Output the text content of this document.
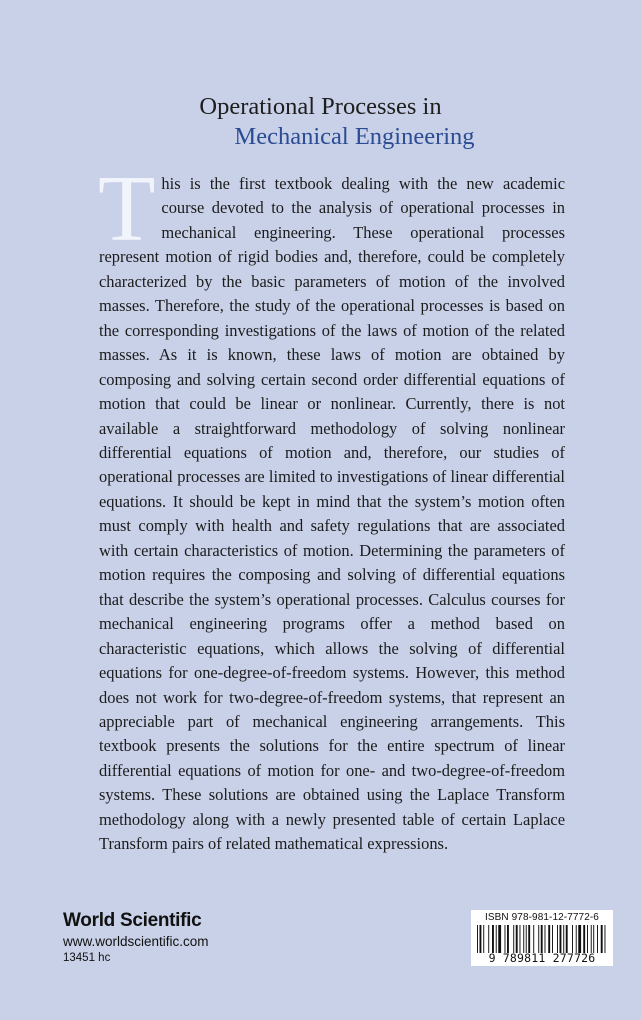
Operational Processes in
Mechanical Engineering

This is the first textbook dealing with the new academic course devoted to the analysis of operational processes in mechanical engineering. These operational processes represent motion of rigid bodies and, therefore, could be completely characterized by the basic parameters of motion of the involved masses. Therefore, the study of the operational processes is based on the corresponding investigations of the laws of motion of the related masses. As it is known, these laws of motion are obtained by composing and solving certain second order differential equations of motion that could be linear or nonlinear. Currently, there is not available a straightforward methodology of solving nonlinear differential equations of motion and, therefore, our studies of operational processes are limited to investigations of linear differential equations. It should be kept in mind that the system’s motion often must comply with health and safety regulations that are associated with certain characteristics of motion. Determining the parameters of motion requires the composing and solving of differential equations that describe the system’s operational processes. Calculus courses for mechanical engineering programs offer a method based on characteristic equations, which allows the solving of differential equations for one-degree-of-freedom systems. However, this method does not work for two-degree-of-freedom systems, that represent an appreciable part of mechanical engineering arrangements. This textbook presents the solutions for the entire spectrum of linear differential equations of motion for one- and two-degree-of-freedom systems. These solutions are obtained using the Laplace Transform methodology along with a newly presented table of certain Laplace Transform pairs of related mathematical expressions.

World Scientific
www.worldscientific.com
13451 hc
ISBN 978-981-12-7772-6
9 789811 277726
